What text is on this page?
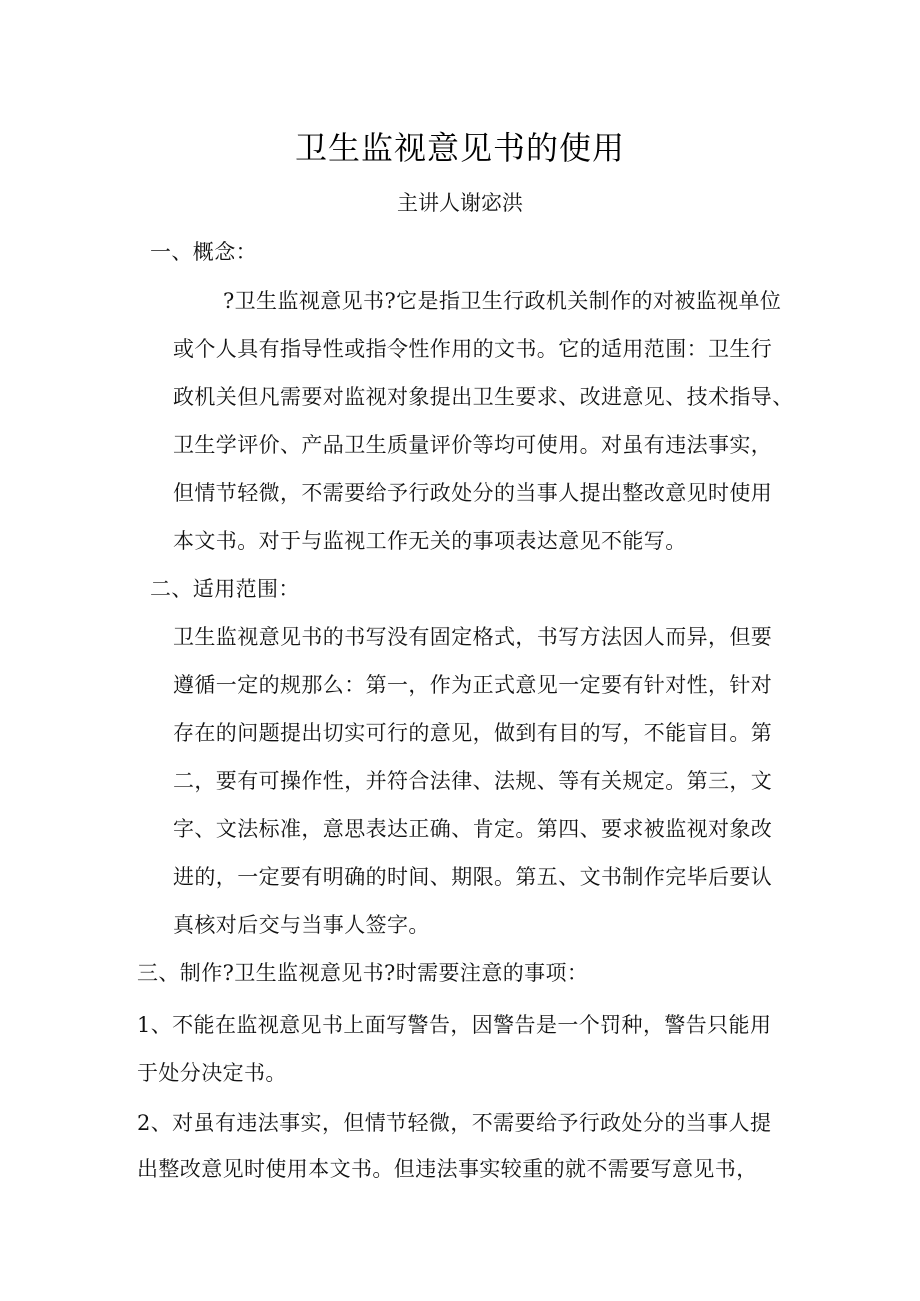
卫生监视意见书的使用
主讲人谢宓洪
一、概念：
?卫生监视意见书?它是指卫生行政机关制作的对被监视单位
或个人具有指导性或指令性作用的文书。它的适用范围：卫生行
政机关但凡需要对监视对象提出卫生要求、改进意见、技术指导、
卫生学评价、产品卫生质量评价等均可使用。对虽有违法事实，
但情节轻微，不需要给予行政处分的当事人提出整改意见时使用
本文书。对于与监视工作无关的事项表达意见不能写。
二、适用范围：
卫生监视意见书的书写没有固定格式，书写方法因人而异，但要
遵循一定的规那么：第一，作为正式意见一定要有针对性，针对
存在的问题提出切实可行的意见，做到有目的写，不能盲目。第
二，要有可操作性，并符合法律、法规、等有关规定。第三，文
字、文法标准，意思表达正确、肯定。第四、要求被监视对象改
进的，一定要有明确的时间、期限。第五、文书制作完毕后要认
真核对后交与当事人签字。
三、制作?卫生监视意见书?时需要注意的事项：
1、不能在监视意见书上面写警告，因警告是一个罚种，警告只能用
于处分决定书。
2、对虽有违法事实，但情节轻微，不需要给予行政处分的当事人提
出整改意见时使用本文书。但违法事实较重的就不需要写意见书，
